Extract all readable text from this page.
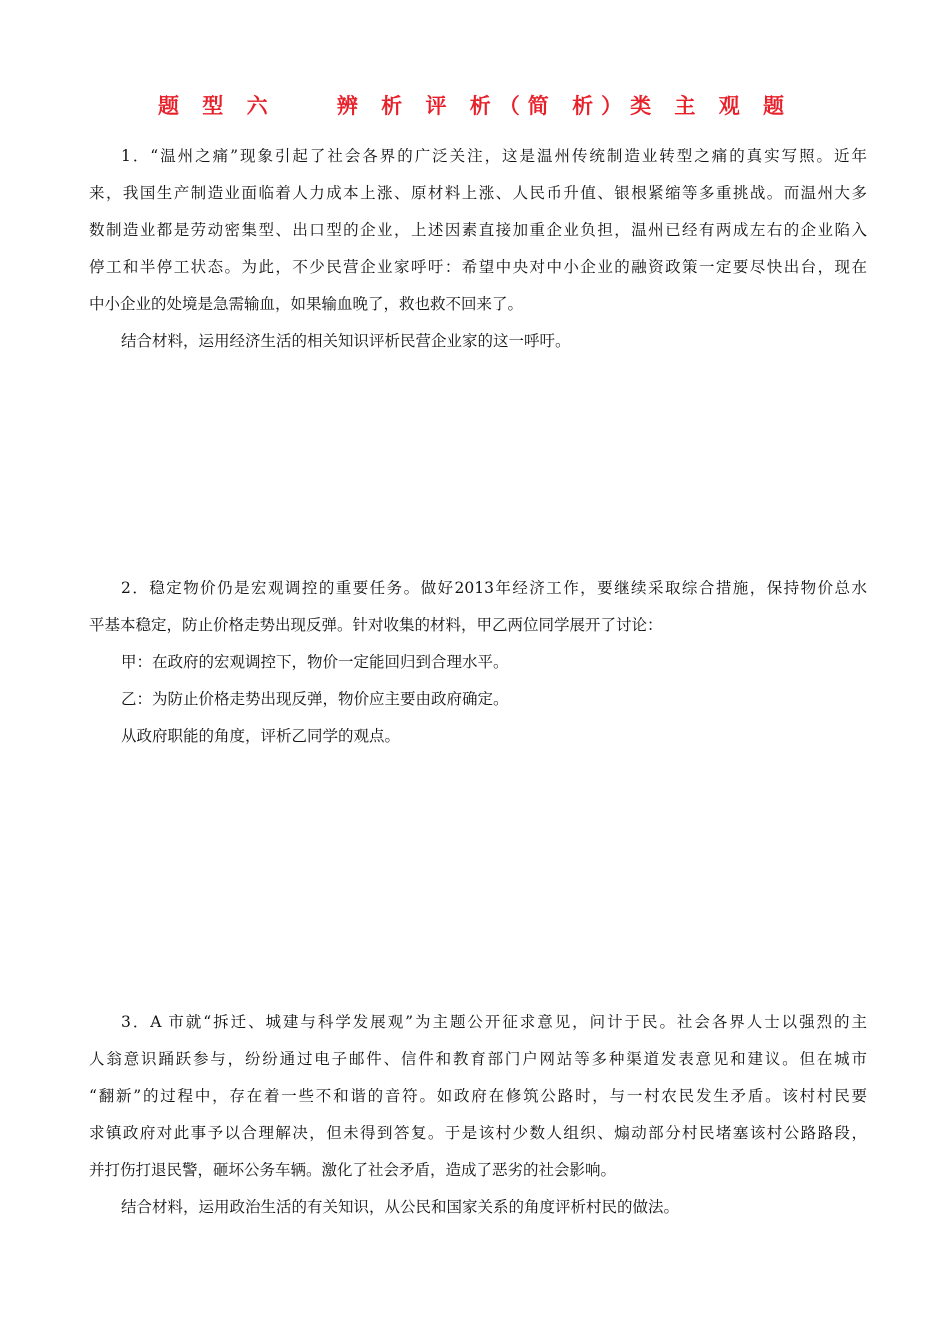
题 型 六    辨 析 评 析（简 析）类 主 观 题
1．“温州之痛”现象引起了社会各界的广泛关注，这是温州传统制造业转型之痛的真实写照。近年
来，我国生产制造业面临着人力成本上涨、原材料上涨、人民币升值、银根紧缩等多重挑战。而温州大多
数制造业都是劳动密集型、出口型的企业，上述因素直接加重企业负担，温州已经有两成左右的企业陷入
停工和半停工状态。为此，不少民营企业家呼吁：希望中央对中小企业的融资政策一定要尽快出台，现在
中小企业的处境是急需输血，如果输血晚了，救也救不回来了。
结合材料，运用经济生活的相关知识评析民营企业家的这一呼吁。
2．稳定物价仍是宏观调控的重要任务。做好2013年经济工作，要继续采取综合措施，保持物价总水
平基本稳定，防止价格走势出现反弹。针对收集的材料，甲乙两位同学展开了讨论：
甲：在政府的宏观调控下，物价一定能回归到合理水平。
乙：为防止价格走势出现反弹，物价应主要由政府确定。
从政府职能的角度，评析乙同学的观点。
3．A 市就“拆迁、城建与科学发展观”为主题公开征求意见，问计于民。社会各界人士以强烈的主
人翁意识踊跃参与，纷纷通过电子邮件、信件和教育部门户网站等多种渠道发表意见和建议。但在城市
“翻新”的过程中，存在着一些不和谐的音符。如政府在修筑公路时，与一村农民发生矛盾。该村村民要
求镇政府对此事予以合理解决，但未得到答复。于是该村少数人组织、煽动部分村民堵塞该村公路路段，
并打伤打退民警，砸坏公务车辆。激化了社会矛盾，造成了恶劣的社会影响。
结合材料，运用政治生活的有关知识，从公民和国家关系的角度评析村民的做法。
